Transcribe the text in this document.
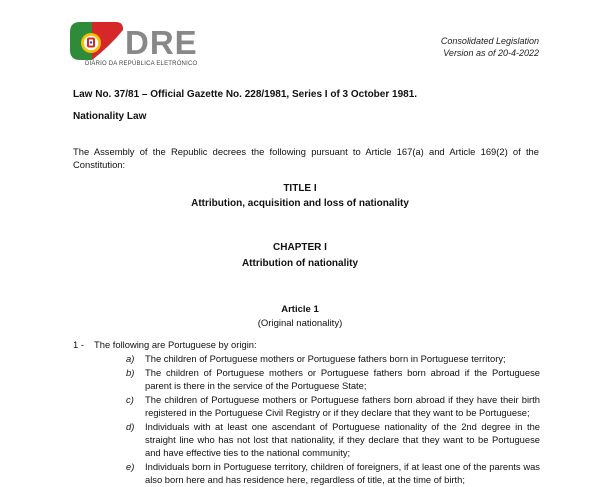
DRE
DIÁRIO DA REPÚBLICA ELETRÓNICO
Consolidated Legislation
Version as of 20-4-2022
Law No. 37/81 – Official Gazette No. 228/1981, Series I of 3 October 1981.
Nationality Law
The Assembly of the Republic decrees the following pursuant to Article 167(a) and Article 169(2) of the Constitution:
TITLE I
Attribution, acquisition and loss of nationality
CHAPTER I
Attribution of nationality
Article 1
(Original nationality)
1 - The following are Portuguese by origin:
a) The children of Portuguese mothers or Portuguese fathers born in Portuguese territory;
b) The children of Portuguese mothers or Portuguese fathers born abroad if the Portuguese parent is there in the service of the Portuguese State;
c) The children of Portuguese mothers or Portuguese fathers born abroad if they have their birth registered in the Portuguese Civil Registry or if they declare that they want to be Portuguese;
d) Individuals with at least one ascendant of Portuguese nationality of the 2nd degree in the straight line who has not lost that nationality, if they declare that they want to be Portuguese and have effective ties to the national community;
e) Individuals born in Portuguese territory, children of foreigners, if at least one of the parents was also born here and has residence here, regardless of title, at the time of birth;
